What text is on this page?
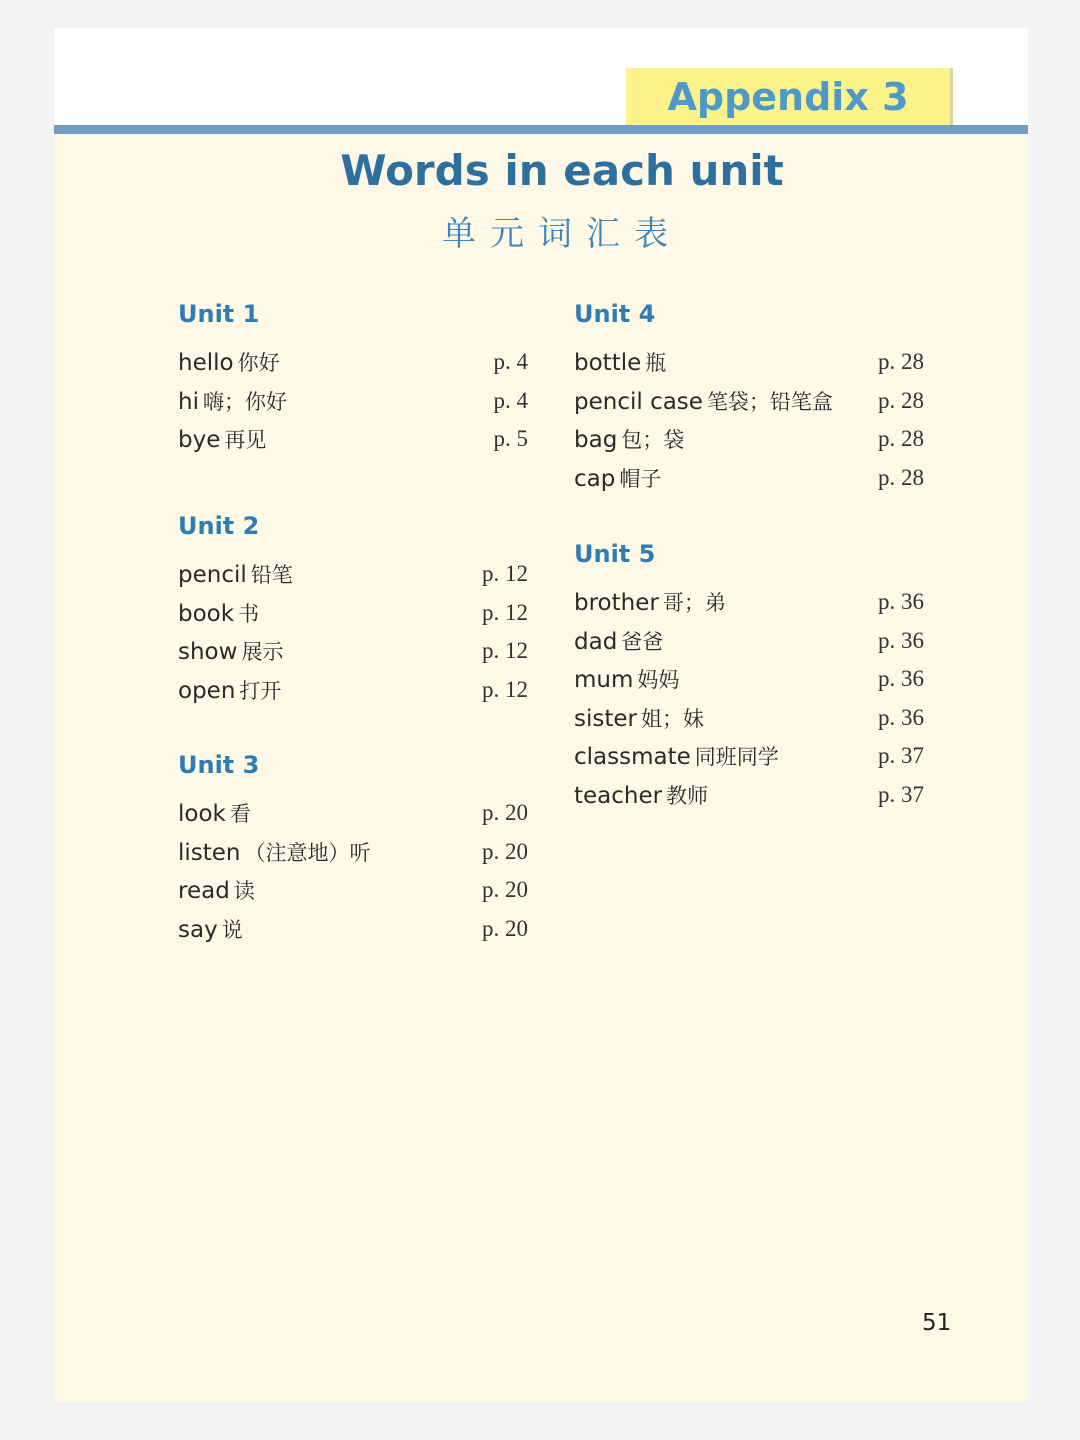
Appendix 3
Words in each unit
单元词汇表
Unit 1
hello 你好	p. 4
hi 嗨；你好	p. 4
bye 再见	p. 5
Unit 2
pencil 铅笔	p. 12
book 书	p. 12
show 展示	p. 12
open 打开	p. 12
Unit 3
look 看	p. 20
listen （注意地）听	p. 20
read 读	p. 20
say 说	p. 20
Unit 4
bottle 瓶	p. 28
pencil case 笔袋；铅笔盒 p. 28
bag 包；袋	p. 28
cap 帽子	p. 28
Unit 5
brother 哥；弟	p. 36
dad 爸爸	p. 36
mum 妈妈	p. 36
sister 姐；妹	p. 36
classmate 同班同学	p. 37
teacher 教师	p. 37
51
